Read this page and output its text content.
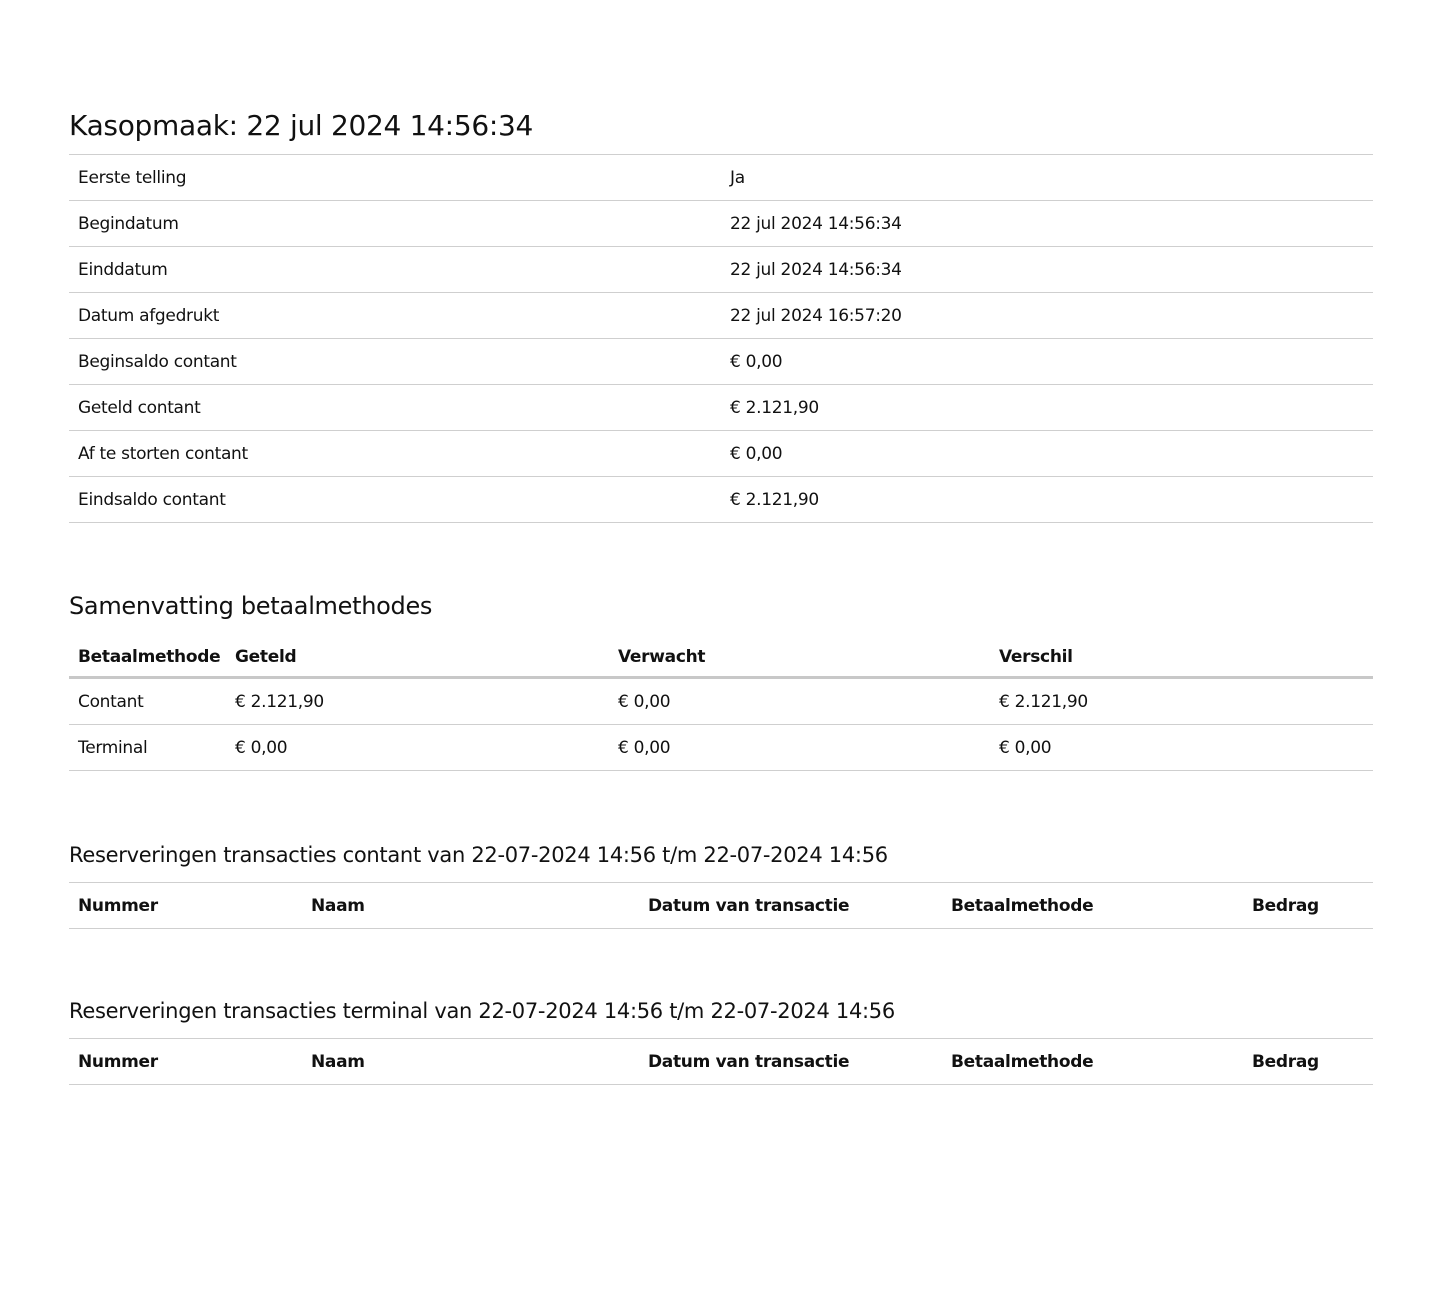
Kasopmaak: 22 jul 2024 14:56:34
Eerste telling	Ja
Begindatum	22 jul 2024 14:56:34
Einddatum	22 jul 2024 14:56:34
Datum afgedrukt	22 jul 2024 16:57:20
Beginsaldo contant	€ 0,00
Geteld contant	€ 2.121,90
Af te storten contant	€ 0,00
Eindsaldo contant	€ 2.121,90
Samenvatting betaalmethodes
Betaalmethode	Geteld	Verwacht	Verschil
Contant	€ 2.121,90	€ 0,00	€ 2.121,90
Terminal	€ 0,00	€ 0,00	€ 0,00
Reserveringen transacties contant van 22-07-2024 14:56 t/m 22-07-2024 14:56
Nummer	Naam	Datum van transactie	Betaalmethode	Bedrag
Reserveringen transacties terminal van 22-07-2024 14:56 t/m 22-07-2024 14:56
Nummer	Naam	Datum van transactie	Betaalmethode	Bedrag
